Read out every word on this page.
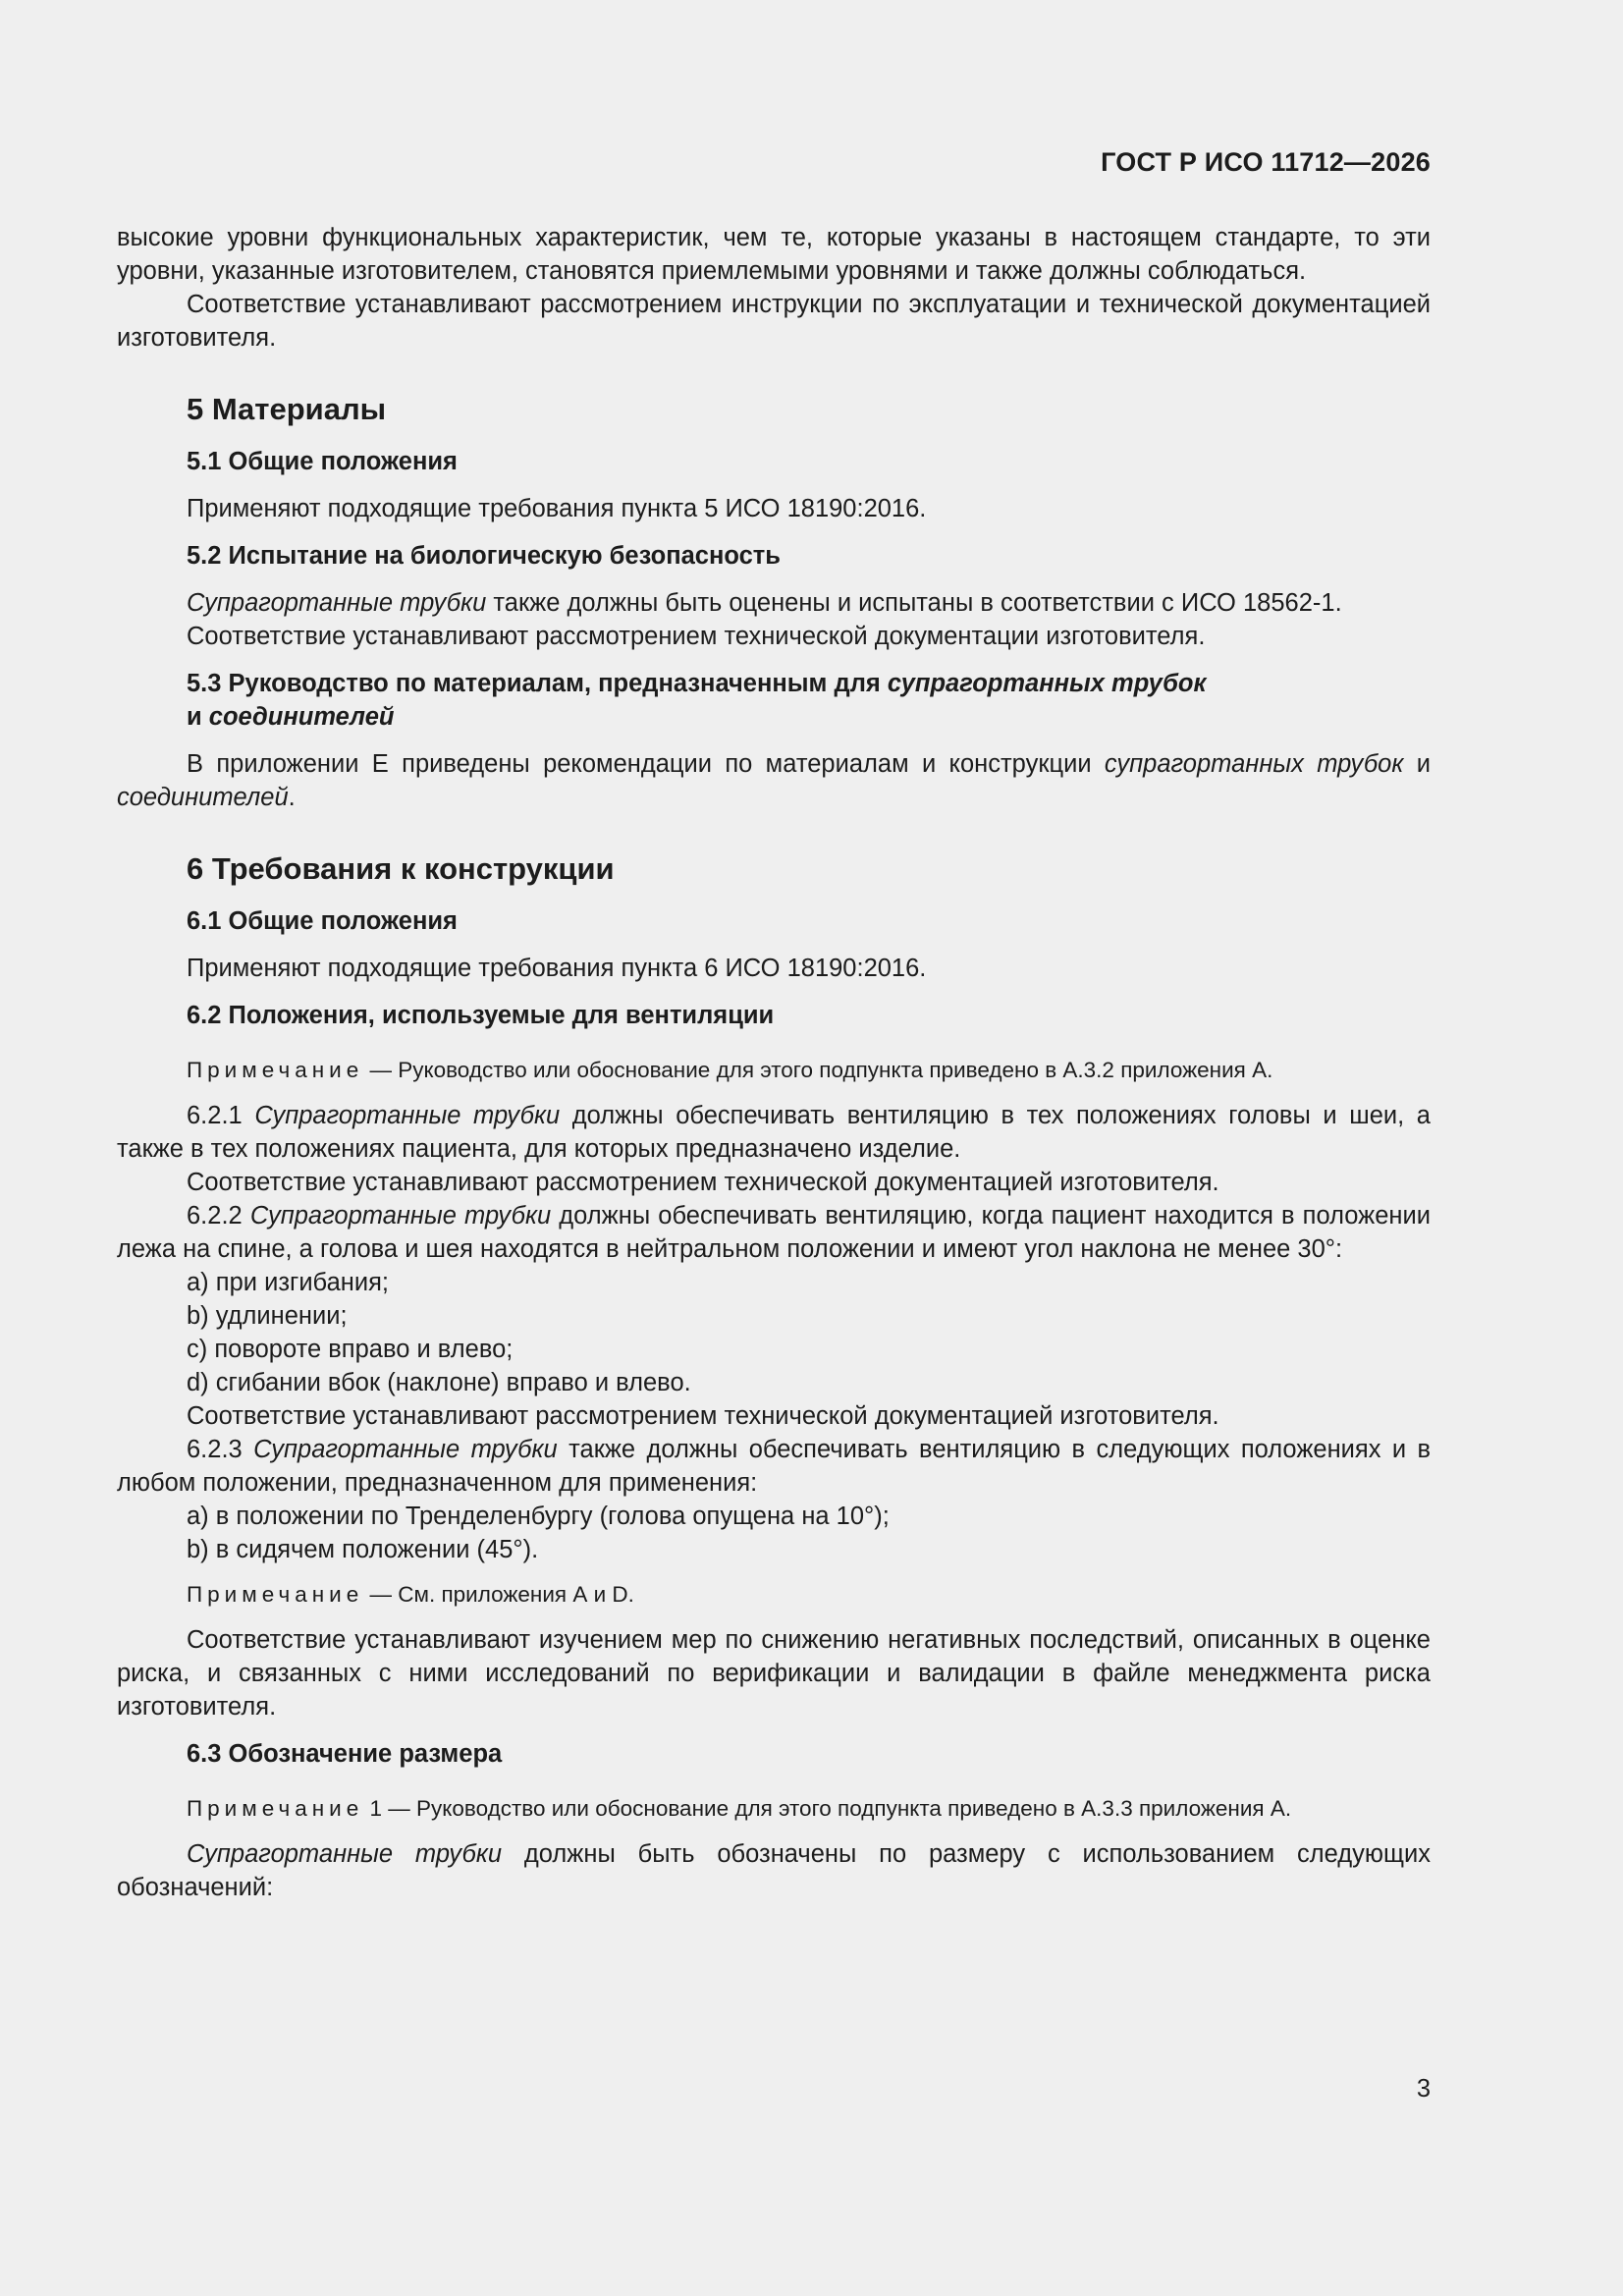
ГОСТ Р ИСО 11712—2026

высокие уровни функциональных характеристик, чем те, которые указаны в настоящем стандарте, то эти уровни, указанные изготовителем, становятся приемлемыми уровнями и также должны соблюдаться.

Соответствие устанавливают рассмотрением инструкции по эксплуатации и технической документацией изготовителя.

5 Материалы

5.1 Общие положения

Применяют подходящие требования пункта 5 ИСО 18190:2016.

5.2 Испытание на биологическую безопасность

Супрагортанные трубки также должны быть оценены и испытаны в соответствии с ИСО 18562-1.

Соответствие устанавливают рассмотрением технической документации изготовителя.

5.3 Руководство по материалам, предназначенным для супрагортанных трубок
и соединителей

В приложении Е приведены рекомендации по материалам и конструкции супрагортанных трубок и соединителей.

6 Требования к конструкции

6.1 Общие положения

Применяют подходящие требования пункта 6 ИСО 18190:2016.

6.2 Положения, используемые для вентиляции

Примечание — Руководство или обоснование для этого подпункта приведено в А.3.2 приложения А.

6.2.1 Супрагортанные трубки должны обеспечивать вентиляцию в тех положениях головы и шеи, а также в тех положениях пациента, для которых предназначено изделие.

Соответствие устанавливают рассмотрением технической документацией изготовителя.

6.2.2 Супрагортанные трубки должны обеспечивать вентиляцию, когда пациент находится в положении лежа на спине, а голова и шея находятся в нейтральном положении и имеют угол наклона не менее 30°:

a) при изгибания;

b) удлинении;

c) повороте вправо и влево;

d) сгибании вбок (наклоне) вправо и влево.

Соответствие устанавливают рассмотрением технической документацией изготовителя.

6.2.3 Супрагортанные трубки также должны обеспечивать вентиляцию в следующих положениях и в любом положении, предназначенном для применения:

a) в положении по Тренделенбургу (голова опущена на 10°);

b) в сидячем положении (45°).

Примечание — См. приложения А и D.

Соответствие устанавливают изучением мер по снижению негативных последствий, описанных в оценке риска, и связанных с ними исследований по верификации и валидации в файле менеджмента риска изготовителя.

6.3 Обозначение размера

Примечание 1 — Руководство или обоснование для этого подпункта приведено в А.3.3 приложения А.

Супрагортанные трубки должны быть обозначены по размеру с использованием следующих обозначений:

3
